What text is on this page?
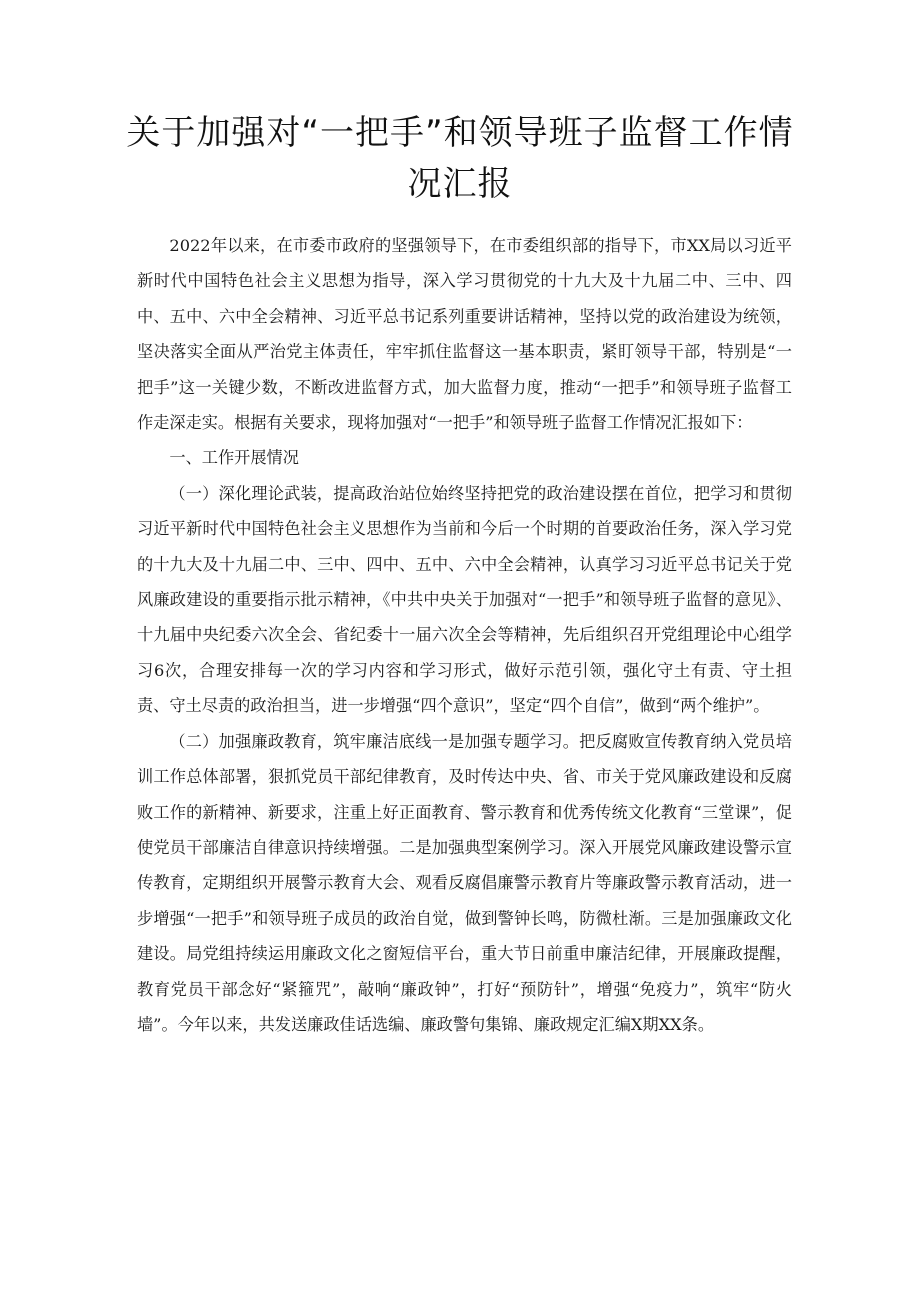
关于加强对“一把手”和领导班子监督工作情况汇报

2022年以来，在市委市政府的坚强领导下，在市委组织部的指导下，市XX局以习近平新时代中国特色社会主义思想为指导，深入学习贯彻党的十九大及十九届二中、三中、四中、五中、六中全会精神、习近平总书记系列重要讲话精神，坚持以党的政治建设为统领，坚决落实全面从严治党主体责任，牢牢抓住监督这一基本职责，紧盯领导干部，特别是“一把手”这一关键少数，不断改进监督方式，加大监督力度，推动“一把手”和领导班子监督工作走深走实。根据有关要求，现将加强对“一把手”和领导班子监督工作情况汇报如下：

一、工作开展情况

（一）深化理论武装，提高政治站位始终坚持把党的政治建设摆在首位，把学习和贯彻习近平新时代中国特色社会主义思想作为当前和今后一个时期的首要政治任务，深入学习党的十九大及十九届二中、三中、四中、五中、六中全会精神，认真学习习近平总书记关于党风廉政建设的重要指示批示精神，《中共中央关于加强对“一把手”和领导班子监督的意见》、十九届中央纪委六次全会、省纪委十一届六次全会等精神，先后组织召开党组理论中心组学习6次，合理安排每一次的学习内容和学习形式，做好示范引领，强化守土有责、守土担责、守土尽责的政治担当，进一步增强“四个意识”，坚定“四个自信”，做到“两个维护”。

（二）加强廉政教育，筑牢廉洁底线一是加强专题学习。把反腐败宣传教育纳入党员培训工作总体部署，狠抓党员干部纪律教育，及时传达中央、省、市关于党风廉政建设和反腐败工作的新精神、新要求，注重上好正面教育、警示教育和优秀传统文化教育“三堂课”，促使党员干部廉洁自律意识持续增强。二是加强典型案例学习。深入开展党风廉政建设警示宣传教育，定期组织开展警示教育大会、观看反腐倡廉警示教育片等廉政警示教育活动，进一步增强“一把手”和领导班子成员的政治自觉，做到警钟长鸣，防微杜渐。三是加强廉政文化建设。局党组持续运用廉政文化之窗短信平台，重大节日前重申廉洁纪律，开展廉政提醒，教育党员干部念好“紧箍咒”，敲响“廉政钟”，打好“预防针”，增强“免疫力”，筑牢“防火墙”。今年以来，共发送廉政佳话选编、廉政警句集锦、廉政规定汇编X期XX条。
